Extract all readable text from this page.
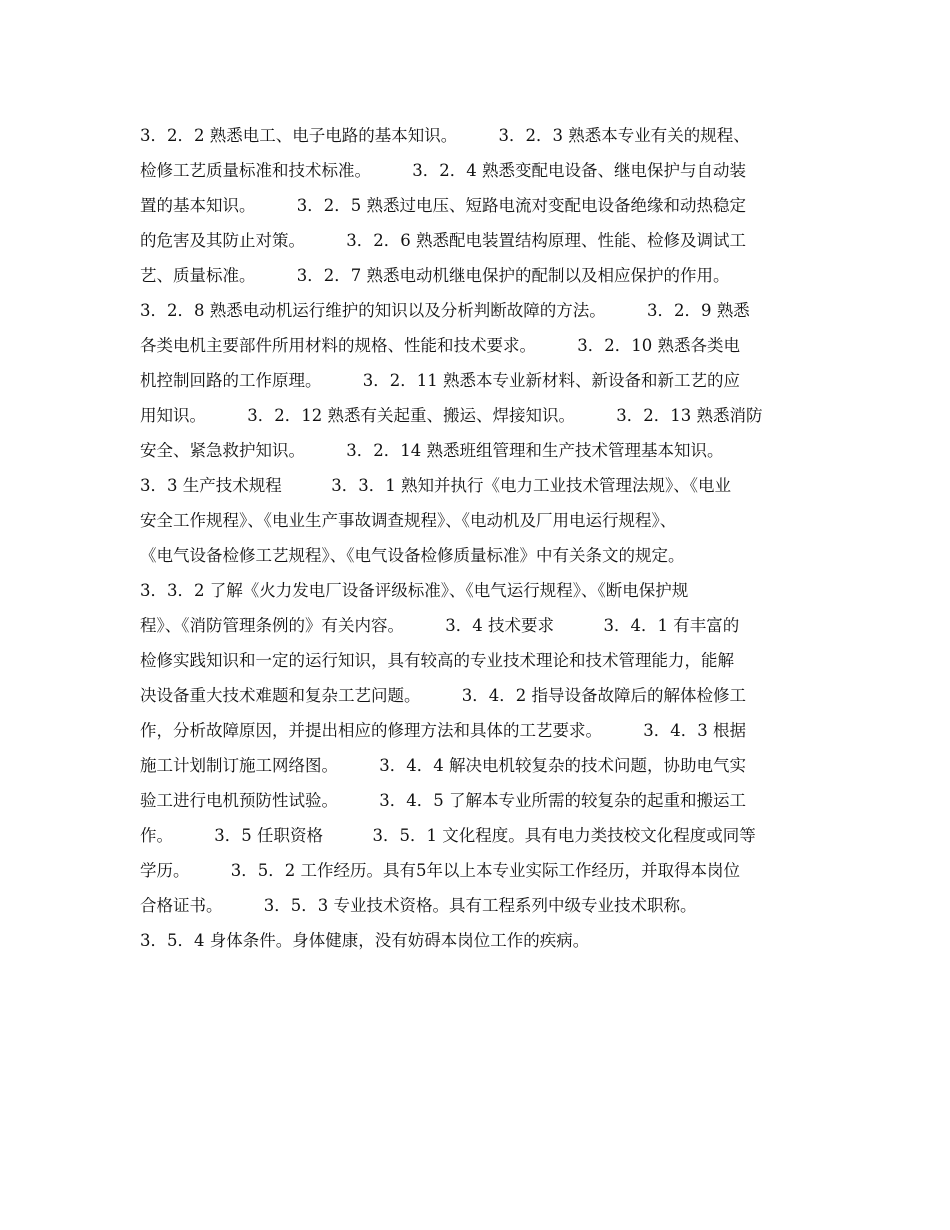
3．2．2 熟悉电工、电子电路的基本知识。　　　3．2．3 熟悉本专业有关的规程、
检修工艺质量标准和技术标准。　　　3．2．4 熟悉变配电设备、继电保护与自动装
置的基本知识。　　　3．2．5 熟悉过电压、短路电流对变配电设备绝缘和动热稳定
的危害及其防止对策。　　　3．2．6 熟悉配电装置结构原理、性能、检修及调试工
艺、质量标准。　　　3．2．7 熟悉电动机继电保护的配制以及相应保护的作用。
3．2．8 熟悉电动机运行维护的知识以及分析判断故障的方法。　　　3．2．9 熟悉
各类电机主要部件所用材料的规格、性能和技术要求。　　　3．2．10 熟悉各类电
机控制回路的工作原理。　　　3．2．11 熟悉本专业新材料、新设备和新工艺的应
用知识。　　　3．2．12 熟悉有关起重、搬运、焊接知识。　　　3．2．13 熟悉消防
安全、紧急救护知识。　　　3．2．14 熟悉班组管理和生产技术管理基本知识。
3．3 生产技术规程　　　3．3．1 熟知并执行《电力工业技术管理法规》、《电业
安全工作规程》、《电业生产事故调查规程》、《电动机及厂用电运行规程》、
《电气设备检修工艺规程》、《电气设备检修质量标准》中有关条文的规定。
3．3．2 了解《火力发电厂设备评级标准》、《电气运行规程》、《断电保护规
程》、《消防管理条例的》有关内容。　　　3．4 技术要求　　　3．4．1 有丰富的
检修实践知识和一定的运行知识，具有较高的专业技术理论和技术管理能力，能解
决设备重大技术难题和复杂工艺问题。　　　3．4．2 指导设备故障后的解体检修工
作，分析故障原因，并提出相应的修理方法和具体的工艺要求。　　　3．4．3 根据
施工计划制订施工网络图。　　　3．4．4 解决电机较复杂的技术问题，协助电气实
验工进行电机预防性试验。　　　3．4．5 了解本专业所需的较复杂的起重和搬运工
作。　　　3．5 任职资格　　　3．5．1 文化程度。具有电力类技校文化程度或同等
学历。　　　3．5．2 工作经历。具有5年以上本专业实际工作经历，并取得本岗位
合格证书。　　　3．5．3 专业技术资格。具有工程系列中级专业技术职称。
3．5．4 身体条件。身体健康，没有妨碍本岗位工作的疾病。
